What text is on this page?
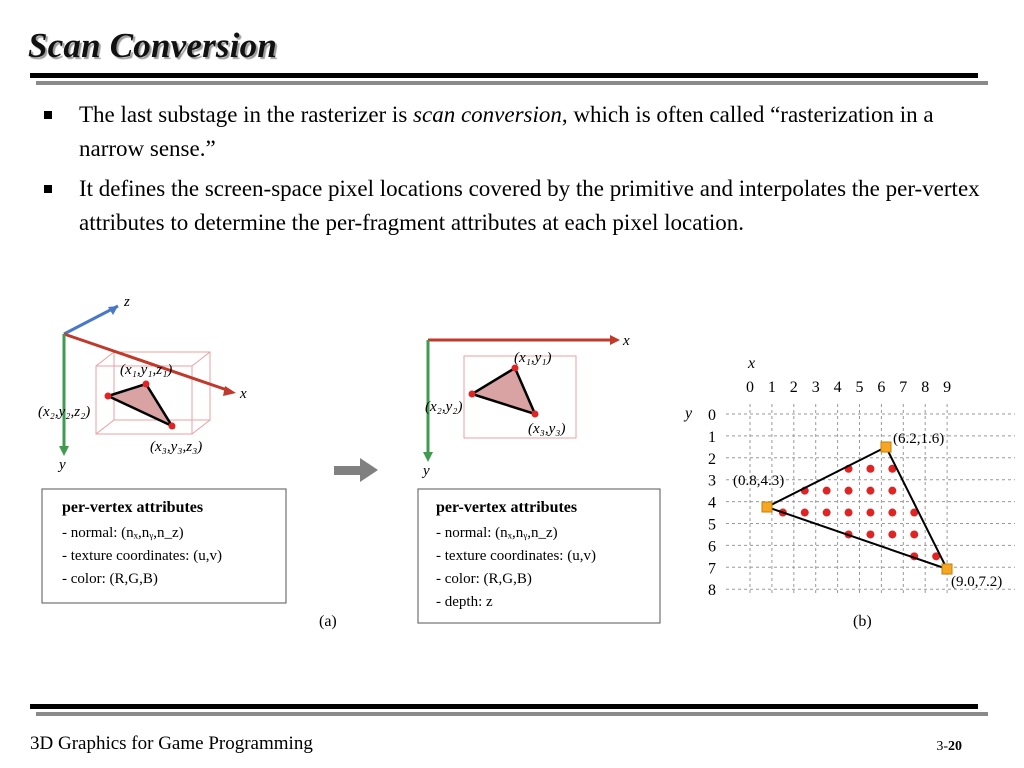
Scan Conversion
The last substage in the rasterizer is scan conversion, which is often called “rasterization in a narrow sense.”
It defines the screen-space pixel locations covered by the primitive and interpolates the per-vertex attributes to determine the per-fragment attributes at each pixel location.
z
x
y
(x₁,y₁,z₁)
(x₂,y₂,z₂)
(x₃,y₃,z₃)
per-vertex attributes
- normal: (nₓ,nᵧ,n_z)
- texture coordinates: (u,v)
- color: (R,G,B)
x
y
(x₁,y₁)
(x₂,y₂)
(x₃,y₃)
per-vertex attributes
- normal: (nₓ,nᵧ,n_z)
- texture coordinates: (u,v)
- color: (R,G,B)
- depth: z
(a)
x
y
0 1 2 3 4 5 6 7 8 9
0
1
2
3
4
5
6
7
8
(6.2,1.6)
(0.8,4.3)
(9.0,7.2)
(b)
3D Graphics for Game Programming	3-20
